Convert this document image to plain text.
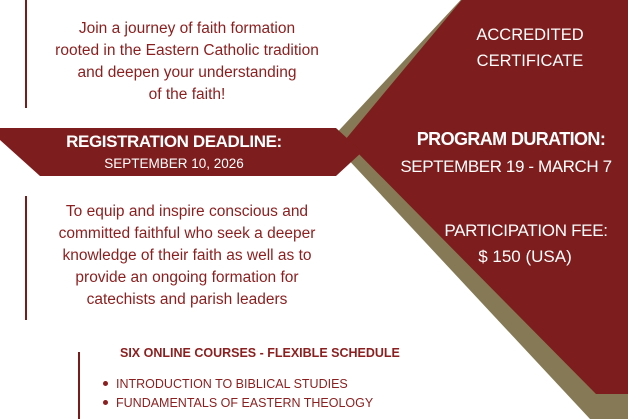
Join a journey of faith formation
rooted in the Eastern Catholic tradition
and deepen your understanding
of the faith!
ACCREDITED
CERTIFICATE
REGISTRATION DEADLINE:
SEPTEMBER 10, 2026
PROGRAM DURATION:
SEPTEMBER 19 - MARCH 7
PARTICIPATION FEE:
$ 150 (USA)
To equip and inspire conscious and
committed faithful who seek a deeper
knowledge of their faith as well as to
provide an ongoing formation for
catechists and parish leaders
SIX ONLINE COURSES - FLEXIBLE SCHEDULE
INTRODUCTION TO BIBLICAL STUDIES
FUNDAMENTALS OF EASTERN THEOLOGY
